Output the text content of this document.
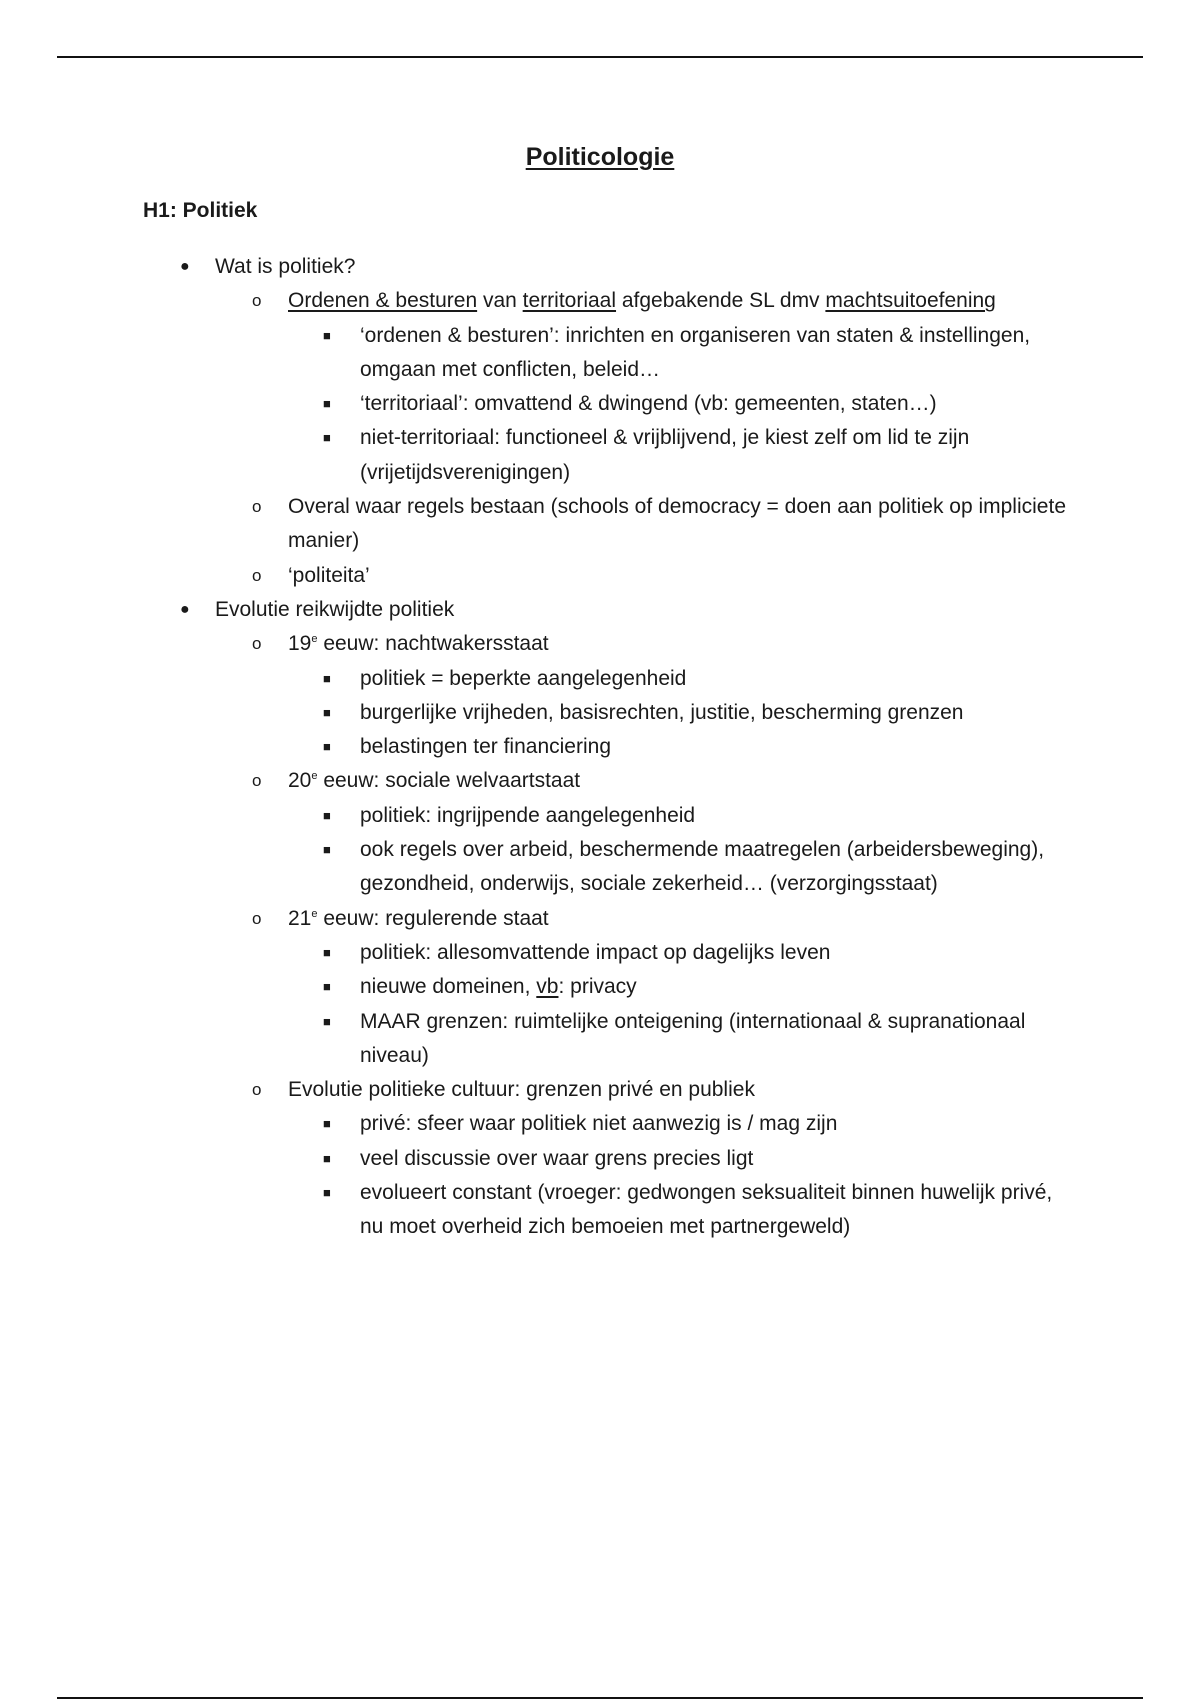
Politicologie
H1: Politiek
● Wat is politiek?
o Ordenen & besturen van territoriaal afgebakende SL dmv machtsuitoefening
■ ‘ordenen & besturen’: inrichten en organiseren van staten & instellingen, omgaan met conflicten, beleid…
■ ‘territoriaal’: omvattend & dwingend (vb: gemeenten, staten…)
■ niet-territoriaal: functioneel & vrijblijvend, je kiest zelf om lid te zijn (vrijetijdsverenigingen)
o Overal waar regels bestaan (schools of democracy = doen aan politiek op impliciete manier)
o ‘politeita’
● Evolutie reikwijdte politiek
o 19e eeuw: nachtwakersstaat
■ politiek = beperkte aangelegenheid
■ burgerlijke vrijheden, basisrechten, justitie, bescherming grenzen
■ belastingen ter financiering
o 20e eeuw: sociale welvaartstaat
■ politiek: ingrijpende aangelegenheid
■ ook regels over arbeid, beschermende maatregelen (arbeidersbeweging), gezondheid, onderwijs, sociale zekerheid… (verzorgingsstaat)
o 21e eeuw: regulerende staat
■ politiek: allesomvattende impact op dagelijks leven
■ nieuwe domeinen, vb: privacy
■ MAAR grenzen: ruimtelijke onteigening (internationaal & supranationaal niveau)
o Evolutie politieke cultuur: grenzen privé en publiek
■ privé: sfeer waar politiek niet aanwezig is / mag zijn
■ veel discussie over waar grens precies ligt
■ evolueert constant (vroeger: gedwongen seksualiteit binnen huwelijk privé, nu moet overheid zich bemoeien met partnergeweld)
